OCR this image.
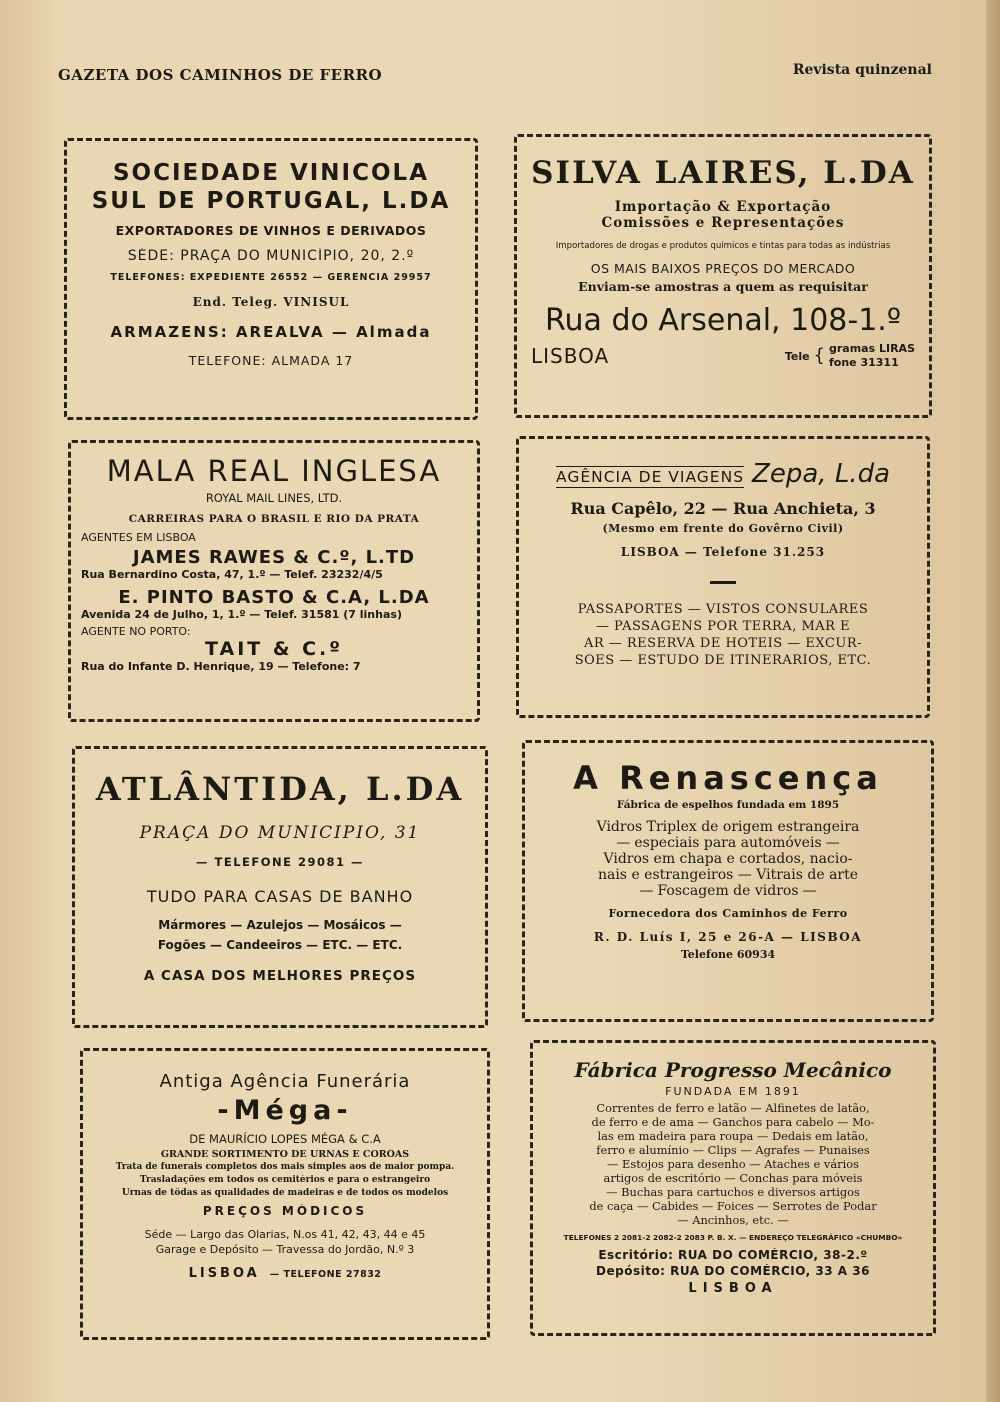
GAZETA DOS CAMINHOS DE FERRO	Revista quinzenal
SOCIEDADE VINICOLA
SUL DE PORTUGAL, L.DA
EXPORTADORES DE VINHOS E DERIVADOS
SÉDE: PRAÇA DO MUNICÍPIO, 20, 2.º
TELEFONES: EXPEDIENTE 26552 — GERÊNCIA 29957
End. Teleg. VINISUL
ARMAZENS: AREALVA — Almada
TELEFONE: ALMADA 17
SILVA LAIRES, L.DA
Importação & Exportação
Comissões e Representações
Importadores de drogas e produtos químicos e tintas para todas as indústrias
OS MAIS BAIXOS PREÇOS DO MERCADO
Enviam-se amostras a quem as requisitar
Rua do Arsenal, 108-1.º
LISBOA	Tele { gramas LIRAS
fone 31311
MALA REAL INGLESA
ROYAL MAIL LINES, LTD.
CARREIRAS PARA O BRASIL E RIO DA PRATA
AGENTES EM LISBOA
JAMES RAWES & C.º, L.TD
Rua Bernardino Costa, 47, 1.º — Telef. 23232/4/5
E. PINTO BASTO & C.A, L.DA
Avenida 24 de Julho, 1, 1.º — Telef. 31581 (7 linhas)
AGENTE NO PORTO:
TAIT & C.º
Rua do Infante D. Henrique, 19 — Telefone: 7
AGÊNCIA DE VIAGENS Zepa, L.da
Rua Capêlo, 22 — Rua Anchieta, 3
(Mesmo em frente do Govêrno Civil)
LISBOA — Telefone 31.253
PASSAPORTES — VISTOS CONSULARES
— PASSAGENS POR TERRA, MAR E
AR — RESERVA DE HOTEIS — EXCUR-
SÕES — ESTUDO DE ITINERARIOS, ETC.
ATLÂNTIDA, L.DA
PRAÇA DO MUNICIPIO, 31
— TELEFONE 29081 —
TUDO PARA CASAS DE BANHO
Mármores — Azulejos — Mosáicos —
Fogões — Candeeiros — ETC. — ETC.
A CASA DOS MELHORES PREÇOS
A Renascença
Fábrica de espelhos fundada em 1895
Vidros Triplex de origem estrangeira
— especiais para automóveis —
Vidros em chapa e cortados, nacio-
nais e estrangeiros — Vitrais de arte
— Foscagem de vidros —
Fornecedora dos Caminhos de Ferro
R. D. Luís I, 25 e 26-A — LISBOA
Telefone 60934
Antiga Agência Funerária
-Méga-
DE MAURÍCIO LOPES MÉGA & C.A
GRANDE SORTIMENTO DE URNAS E CORÔAS
Trata de funerais completos dos mais simples aos de maior pompa.
Trasladações em todos os cemitérios e para o estrangeiro
Urnas de tôdas as qualidades de madeiras e de todos os modelos
PREÇOS MÓDICOS
Séde — Largo das Olarias, N.os 41, 42, 43, 44 e 45
Garage e Depósito — Travessa do Jordão, N.º 3
LISBOA — TELEFONE 27832
Fábrica Progresso Mecânico
FUNDADA EM 1891
Correntes de ferro e latão — Alfinetes de latão,
de ferro e de ama — Ganchos para cabelo — Mo-
las em madeira para roupa — Dedais em latão,
ferro e alumínio — Clips — Agrafes — Punaises
— Estojos para desenho — Ataches e vários
artigos de escritório — Conchas para móveis
— Buchas para cartuchos e diversos artigos
de caça — Cabides — Foices — Serrotes de Podar
— Ancinhos, etc. —
TELEFONES 2 2081-2 2082-2 2083 P. B. X. — ENDEREÇO TELEGRÁFICO «CHUMBO»
Escritório: RUA DO COMÉRCIO, 38-2.º
Depósito: RUA DO COMÉRCIO, 33 A 36
LISBOA
